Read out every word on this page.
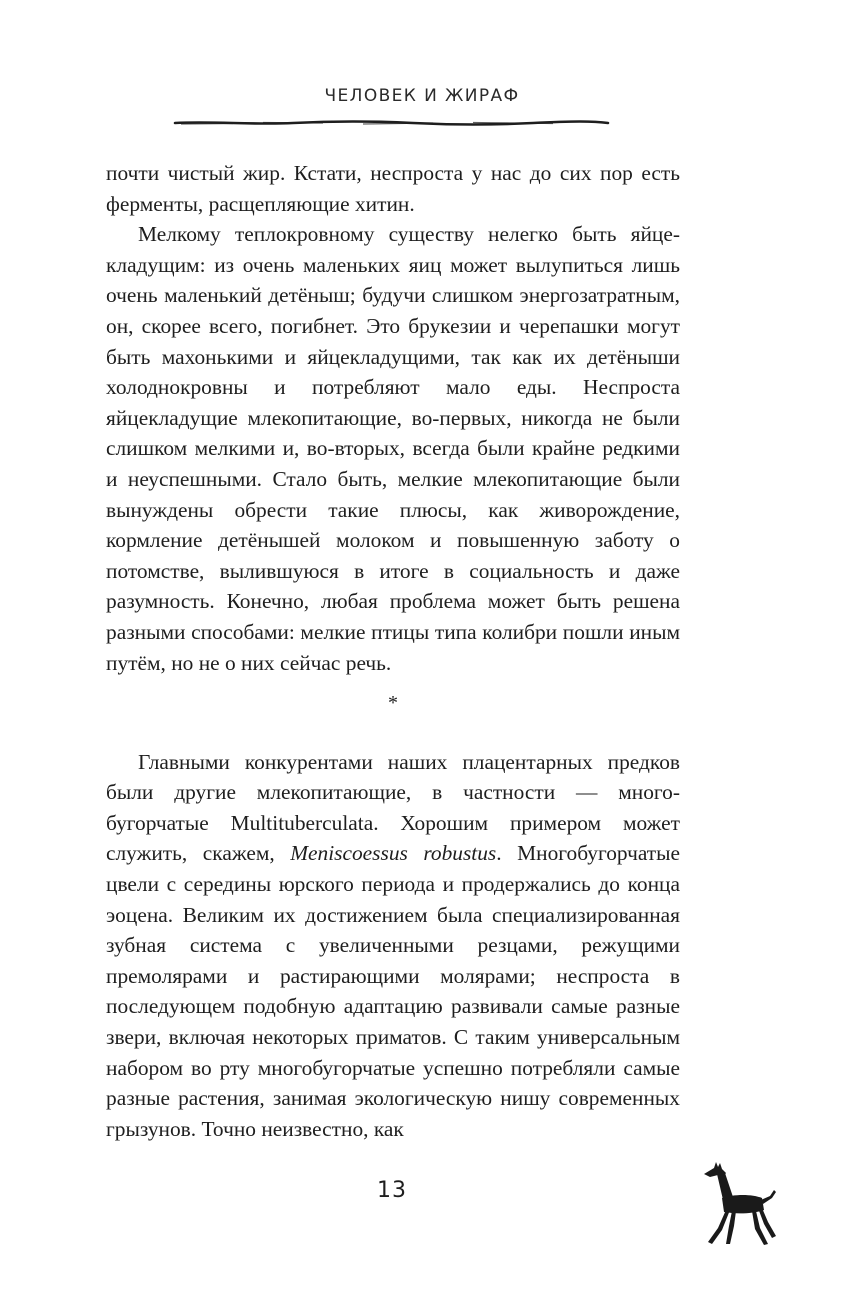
ЧЕЛОВЕК И ЖИРАФ

почти чистый жир. Кстати, неспроста у нас до сих пор есть ферменты, расщепляющие хитин.

Мелкому теплокровному существу нелегко быть яйцекладущим: из очень маленьких яиц может вылупиться лишь очень маленький детёныш; будучи слишком энергозатратным, он, скорее всего, погибнет. Это брукезии и черепашки могут быть махонькими и яйцекладущими, так как их детёныши холоднокровны и потребляют мало еды. Неспроста яйцекладущие млекопитающие, во-первых, никогда не были слишком мелкими и, во-вторых, всегда были крайне редкими и неуспешными. Стало быть, мелкие млекопитающие были вынуждены обрести такие плюсы, как живорождение, кормление детёнышей молоком и повышенную заботу о потомстве, вылившуюся в итоге в социальность и даже разумность. Конечно, любая проблема может быть решена разными способами: мелкие птицы типа колибри пошли иным путём, но не о них сейчас речь.

*

Главными конкурентами наших плацентарных предков были другие млекопитающие, в частности — многобугорчатые Multituberculata. Хорошим примером может служить, скажем, Meniscoessus robustus. Многобугорчатые цвели с середины юрского периода и продержались до конца эоцена. Великим их достижением была специализированная зубная система с увеличенными резцами, режущими премолярами и растирающими молярами; неспроста в последующем подобную адаптацию развивали самые разные звери, включая некоторых приматов. С таким универсальным набором во рту многобугорчатые успешно потребляли самые разные растения, занимая экологическую нишу современных грызунов. Точно неизвестно, как

13
